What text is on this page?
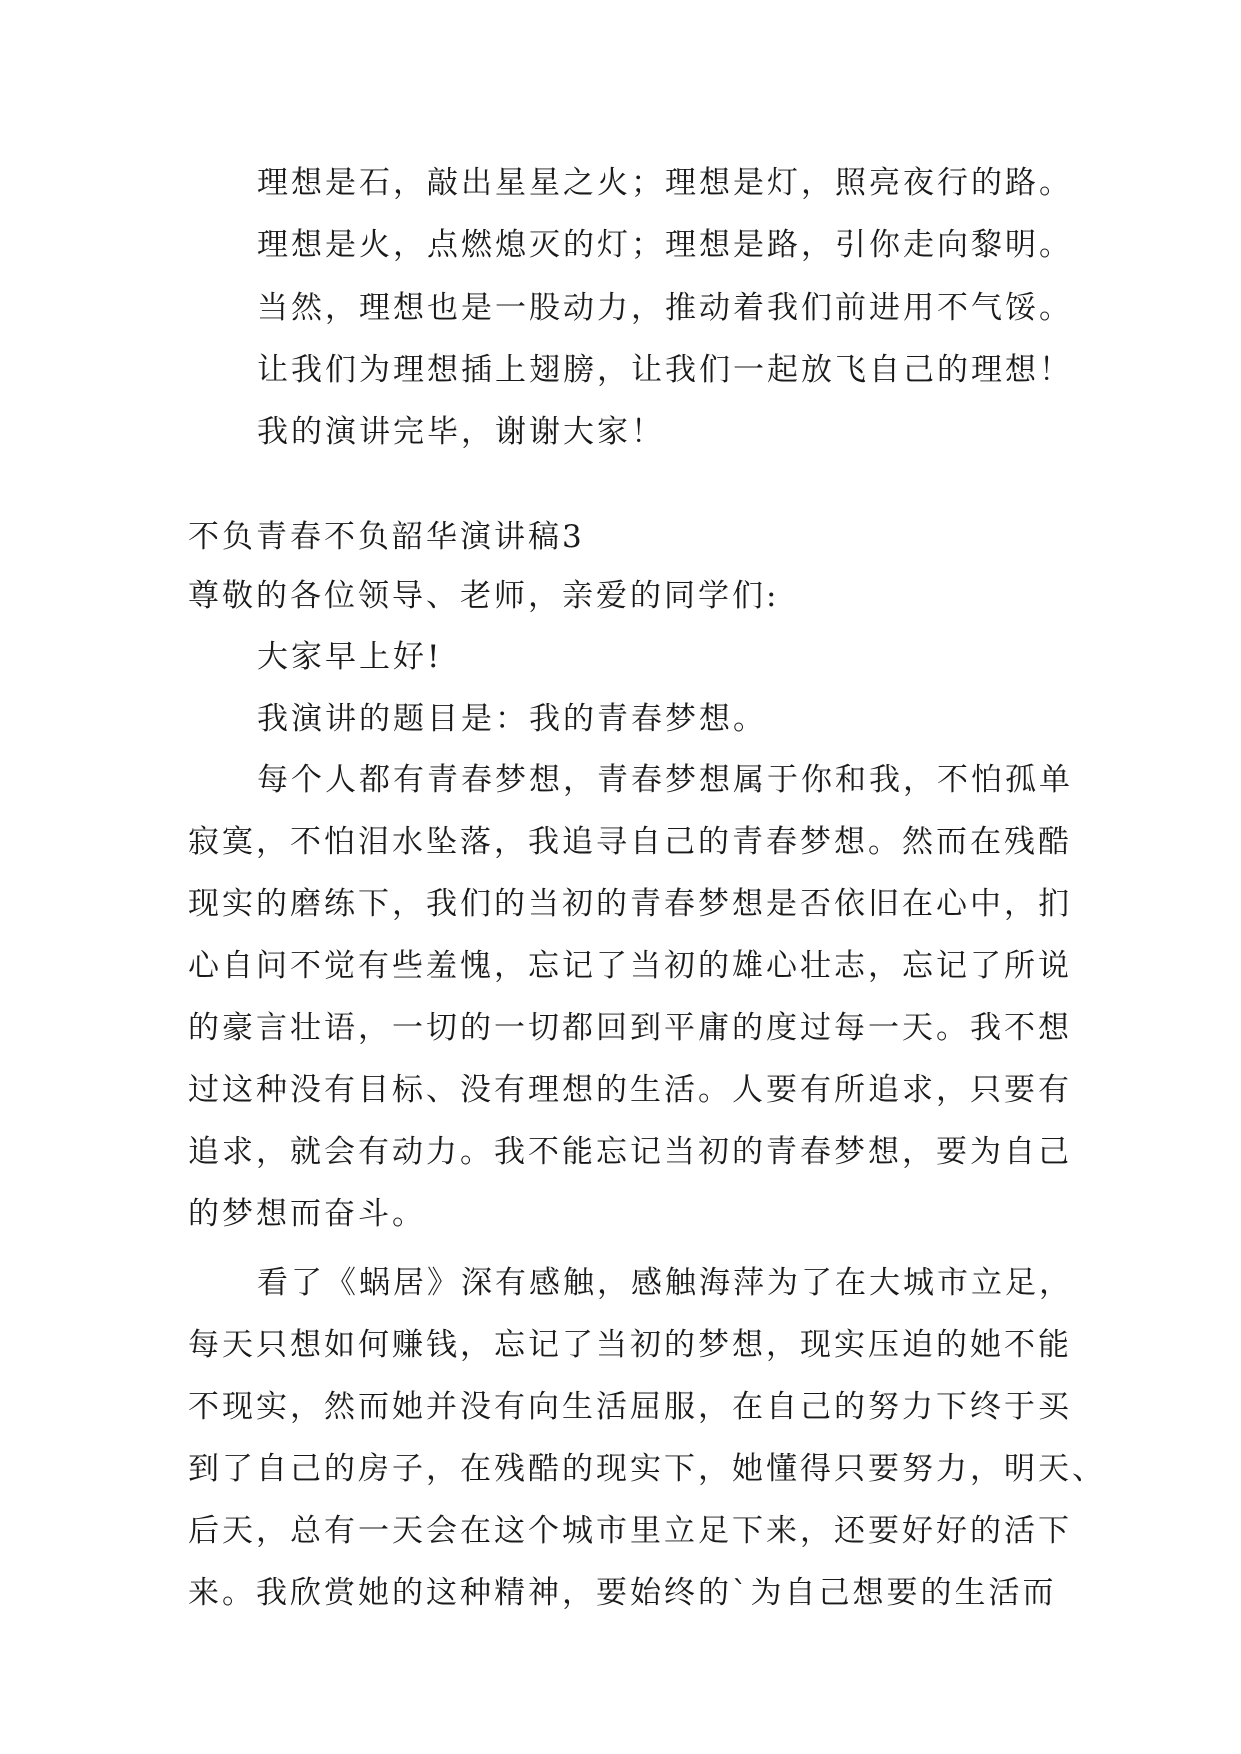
理想是石，敲出星星之火；理想是灯，照亮夜行的路。
理想是火，点燃熄灭的灯；理想是路，引你走向黎明。
当然，理想也是一股动力，推动着我们前进用不气馁。
让我们为理想插上翅膀，让我们一起放飞自己的理想！
我的演讲完毕，谢谢大家！
不负青春不负韶华演讲稿3
尊敬的各位领导、老师，亲爱的同学们:
大家早上好!
我演讲的题目是：我的青春梦想。
每个人都有青春梦想，青春梦想属于你和我，不怕孤单
寂寞，不怕泪水坠落，我追寻自己的青春梦想。然而在残酷
现实的磨练下，我们的当初的青春梦想是否依旧在心中，扪
心自问不觉有些羞愧，忘记了当初的雄心壮志，忘记了所说
的豪言壮语，一切的一切都回到平庸的度过每一天。我不想
过这种没有目标、没有理想的生活。人要有所追求，只要有
追求，就会有动力。我不能忘记当初的青春梦想，要为自己
的梦想而奋斗。
看了《蜗居》深有感触，感触海萍为了在大城市立足，
每天只想如何赚钱，忘记了当初的梦想，现实压迫的她不能
不现实，然而她并没有向生活屈服，在自己的努力下终于买
到了自己的房子，在残酷的现实下，她懂得只要努力，明天、
后天，总有一天会在这个城市里立足下来，还要好好的活下
来。我欣赏她的这种精神，要始终的`为自己想要的生活而
